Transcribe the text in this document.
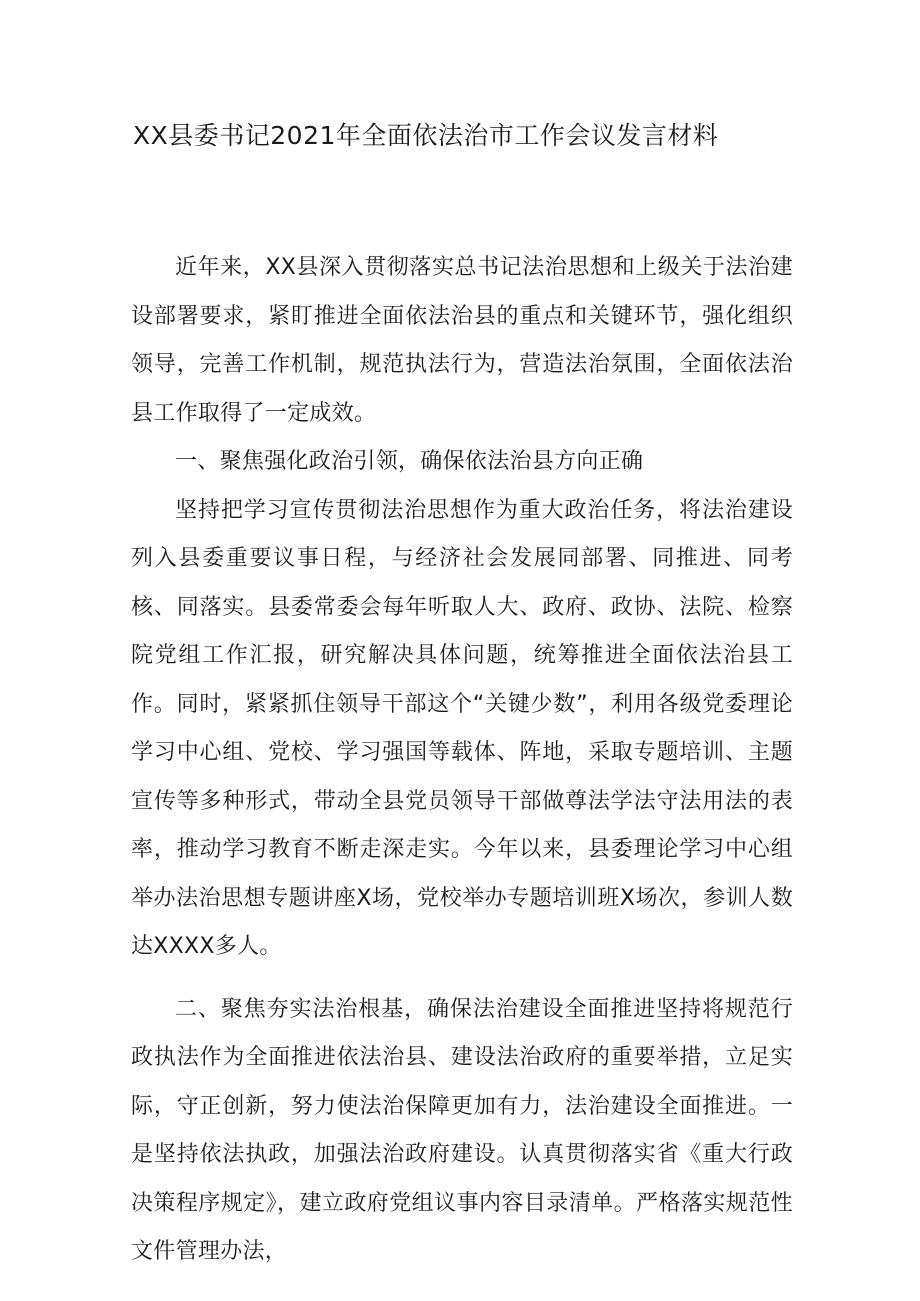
XX县委书记2021年全面依法治市工作会议发言材料

近年来，XX县深入贯彻落实总书记法治思想和上级关于法治建设部署要求，紧盯推进全面依法治县的重点和关键环节，强化组织领导，完善工作机制，规范执法行为，营造法治氛围，全面依法治县工作取得了一定成效。

一、聚焦强化政治引领，确保依法治县方向正确

坚持把学习宣传贯彻法治思想作为重大政治任务，将法治建设列入县委重要议事日程，与经济社会发展同部署、同推进、同考核、同落实。县委常委会每年听取人大、政府、政协、法院、检察院党组工作汇报，研究解决具体问题，统筹推进全面依法治县工作。同时，紧紧抓住领导干部这个“关键少数”，利用各级党委理论学习中心组、党校、学习强国等载体、阵地，采取专题培训、主题宣传等多种形式，带动全县党员领导干部做尊法学法守法用法的表率，推动学习教育不断走深走实。今年以来，县委理论学习中心组举办法治思想专题讲座X场，党校举办专题培训班X场次，参训人数达XXXX多人。

二、聚焦夯实法治根基，确保法治建设全面推进坚持将规范行政执法作为全面推进依法治县、建设法治政府的重要举措，立足实际，守正创新，努力使法治保障更加有力，法治建设全面推进。一是坚持依法执政，加强法治政府建设。认真贯彻落实省《重大行政决策程序规定》，建立政府党组议事内容目录清单。严格落实规范性文件管理办法，
